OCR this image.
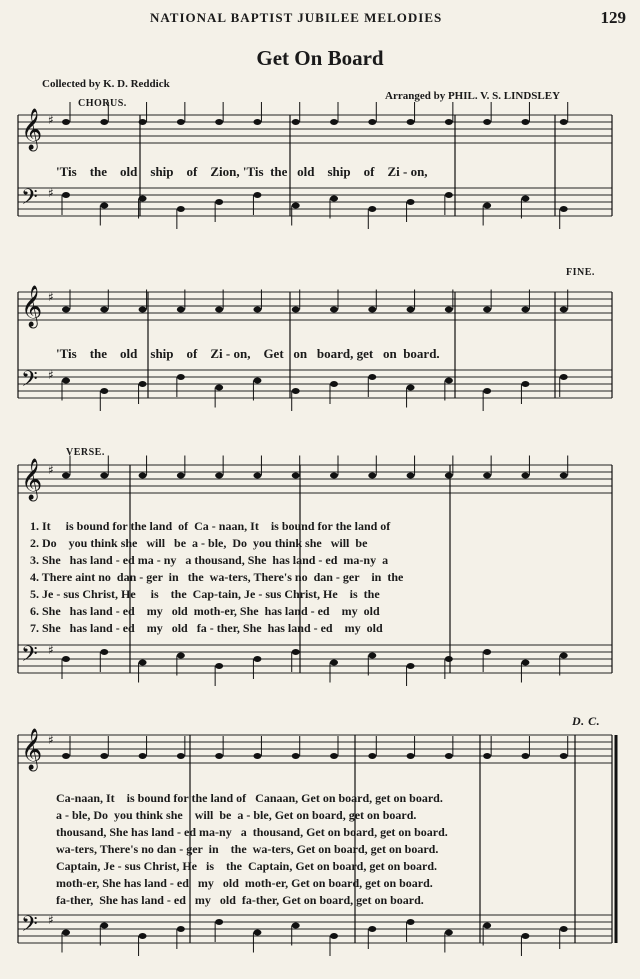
NATIONAL BAPTIST JUBILEE MELODIES	129
Get On Board
Collected by K. D. Reddick
Arranged by PHIL. V. S. LINDSLEY
CHORUS.
FINE.
VERSE.
D. C.
'Tis    the    old    ship    of    Zion, 'Tis  the   old    ship    of    Zi - on,
'Tis    the    old    ship    of    Zi - on,    Get   on   board, get   on  board.
1. It     is bound for the land  of  Ca - naan, It    is bound for the land of
2. Do    you think she   will   be  a - ble,  Do  you think she   will  be
3. She   has land - ed ma - ny   a thousand, She  has land - ed  ma-ny  a
4. There aint no  dan - ger  in   the  wa-ters, There's no  dan - ger    in  the
5. Je - sus Christ, He     is    the  Cap-tain, Je - sus Christ, He    is  the
6. She   has land - ed    my   old  moth-er, She  has land - ed    my  old
7. She   has land - ed    my   old   fa - ther, She  has land - ed    my  old
Ca-naan, It    is bound for the land of   Canaan, Get on board, get on board.
a - ble, Do  you think she    will  be  a - ble, Get on board, get on board.
thousand, She has land - ed ma-ny   a  thousand, Get on board, get on board.
wa-ters, There's no dan - ger  in    the  wa-ters, Get on board, get on board.
Captain, Je - sus Christ, He   is    the  Captain, Get on board, get on board.
moth-er, She has land - ed   my   old  moth-er, Get on board, get on board.
fa-ther,  She has land - ed   my   old  fa-ther, Get on board, get on board.
𝄞 ♯
𝄢 ♯
𝄞 ♯
𝄢 ♯
𝄞 ♯
𝄢 ♯
𝄞 ♯
𝄢 ♯
